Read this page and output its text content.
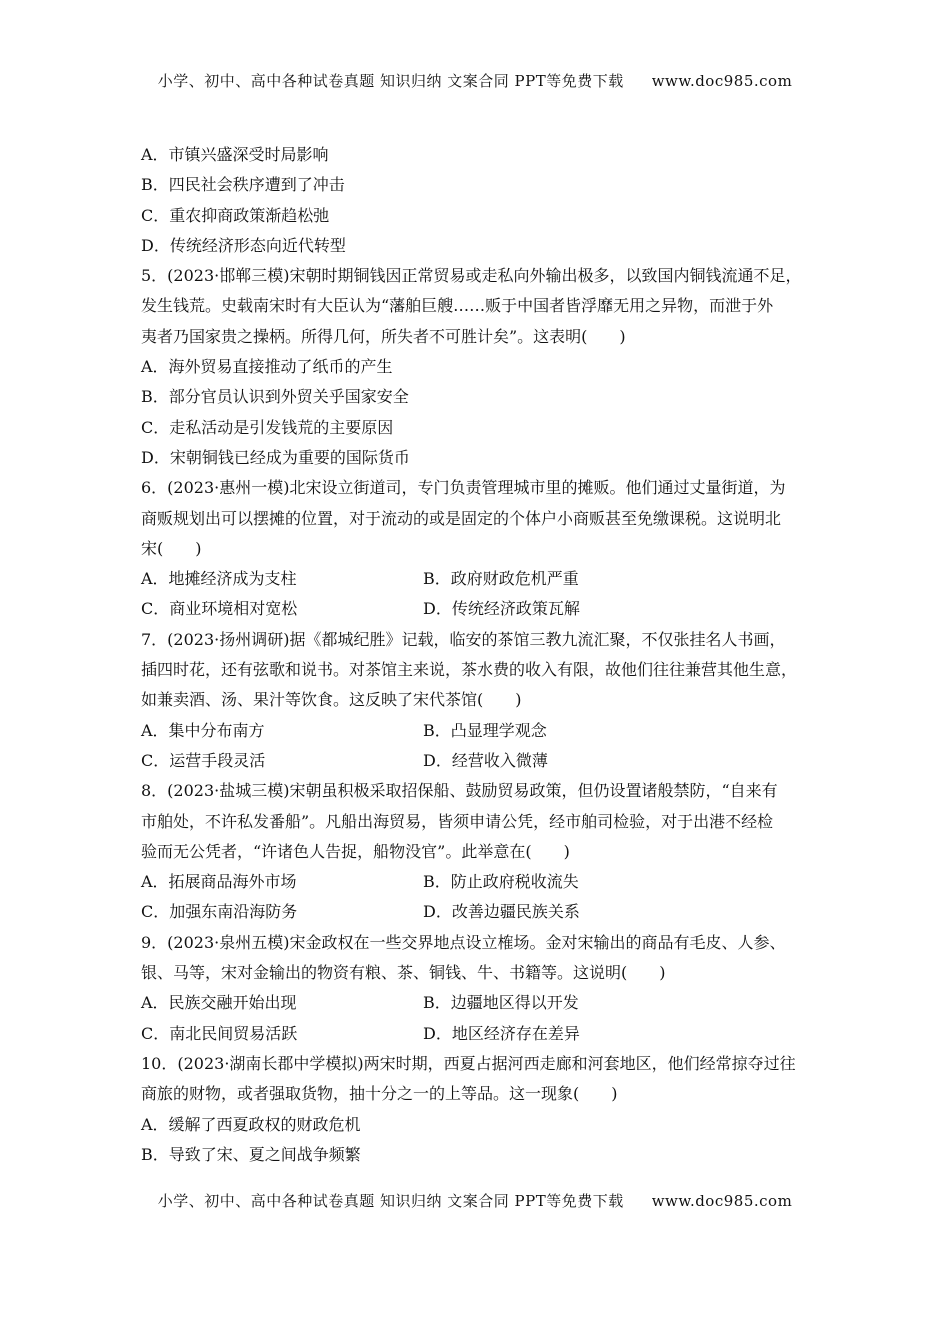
小学、初中、高中各种试卷真题 知识归纳 文案合同 PPT等免费下载 www.doc985.com
A．市镇兴盛深受时局影响
B．四民社会秩序遭到了冲击
C．重农抑商政策渐趋松弛
D．传统经济形态向近代转型
5．(2023·邯郸三模)宋朝时期铜钱因正常贸易或走私向外输出极多，以致国内铜钱流通不足，
发生钱荒。史载南宋时有大臣认为“藩舶巨艘……贩于中国者皆浮靡无用之异物，而泄于外
夷者乃国家贵之操柄。所得几何，所失者不可胜计矣”。这表明(　　)
A．海外贸易直接推动了纸币的产生
B．部分官员认识到外贸关乎国家安全
C．走私活动是引发钱荒的主要原因
D．宋朝铜钱已经成为重要的国际货币
6．(2023·惠州一模)北宋设立街道司，专门负责管理城市里的摊贩。他们通过丈量街道，为
商贩规划出可以摆摊的位置，对于流动的或是固定的个体户小商贩甚至免缴课税。这说明北
宋(　　)
A．地摊经济成为支柱	B．政府财政危机严重
C．商业环境相对宽松	D．传统经济政策瓦解
7．(2023·扬州调研)据《都城纪胜》记载，临安的茶馆三教九流汇聚，不仅张挂名人书画，
插四时花，还有弦歌和说书。对茶馆主来说，茶水费的收入有限，故他们往往兼营其他生意，
如兼卖酒、汤、果汁等饮食。这反映了宋代茶馆(　　)
A．集中分布南方	B．凸显理学观念
C．运营手段灵活	D．经营收入微薄
8．(2023·盐城三模)宋朝虽积极采取招保船、鼓励贸易政策，但仍设置诸般禁防，“自来有
市舶处，不许私发番船”。凡船出海贸易，皆须申请公凭，经市舶司检验，对于出港不经检
验而无公凭者，“许诸色人告捉，船物没官”。此举意在(　　)
A．拓展商品海外市场	B．防止政府税收流失
C．加强东南沿海防务	D．改善边疆民族关系
9．(2023·泉州五模)宋金政权在一些交界地点设立榷场。金对宋输出的商品有毛皮、人参、
银、马等，宋对金输出的物资有粮、茶、铜钱、牛、书籍等。这说明(　　)
A．民族交融开始出现	B．边疆地区得以开发
C．南北民间贸易活跃	D．地区经济存在差异
10．(2023·湖南长郡中学模拟)两宋时期，西夏占据河西走廊和河套地区，他们经常掠夺过往
商旅的财物，或者强取货物，抽十分之一的上等品。这一现象(　　)
A．缓解了西夏政权的财政危机
B．导致了宋、夏之间战争频繁
小学、初中、高中各种试卷真题 知识归纳 文案合同 PPT等免费下载 www.doc985.com
